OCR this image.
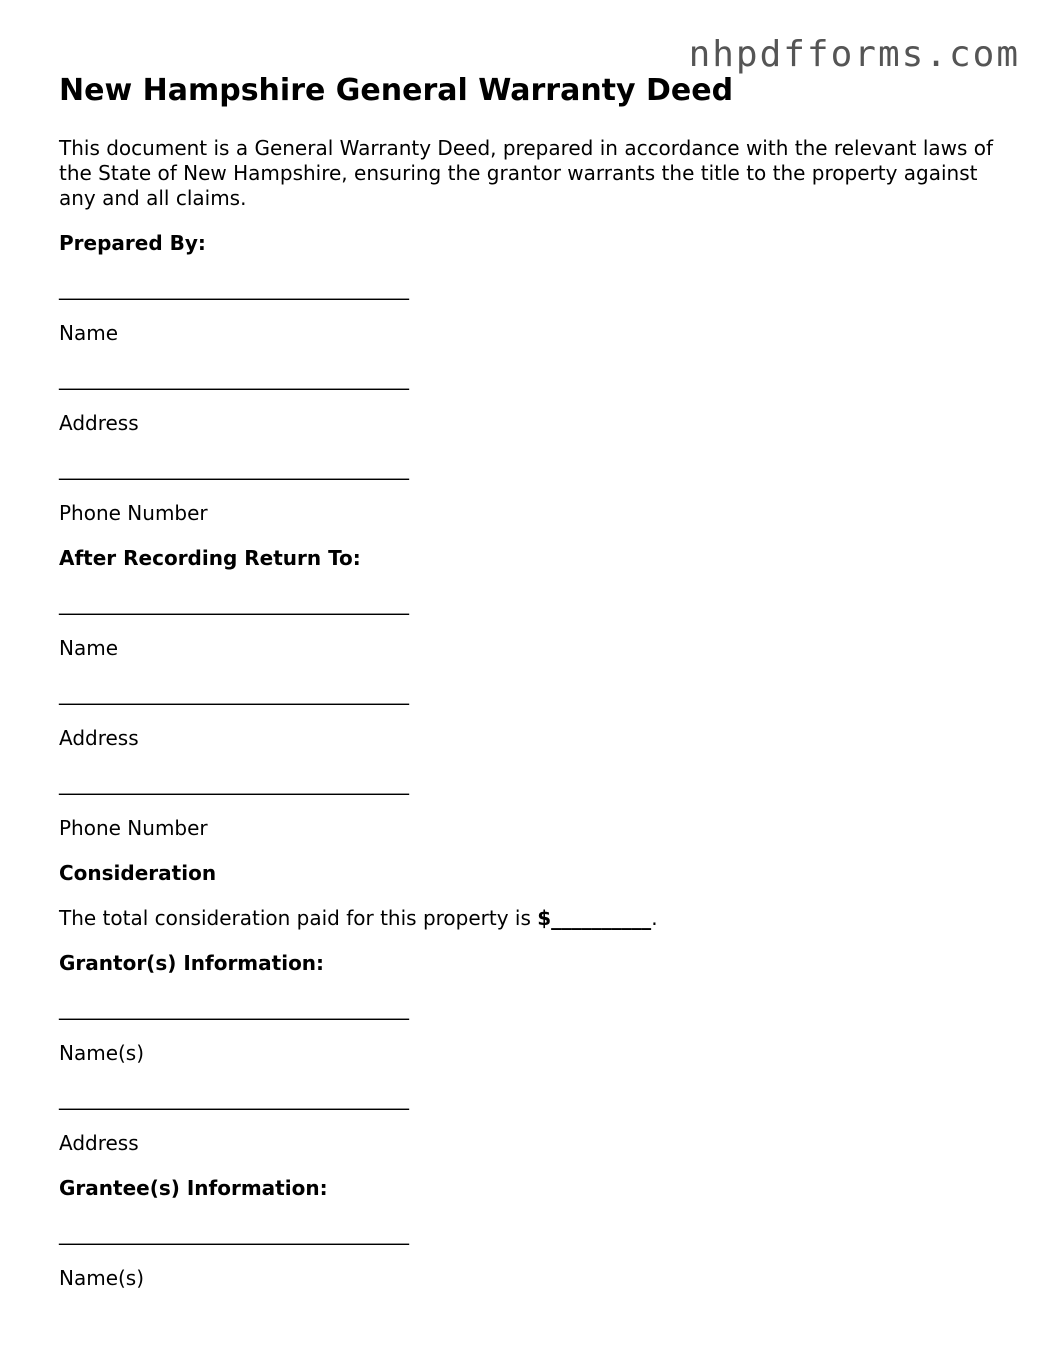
nhpdfforms.com
New Hampshire General Warranty Deed

This document is a General Warranty Deed, prepared in accordance with the relevant laws of the State of New Hampshire, ensuring the grantor warrants the title to the property against any and all claims.

Prepared By:
___________________________________
Name
___________________________________
Address
___________________________________
Phone Number
After Recording Return To:
___________________________________
Name
___________________________________
Address
___________________________________
Phone Number
Consideration
The total consideration paid for this property is $__________.
Grantor(s) Information:
___________________________________
Name(s)
___________________________________
Address
Grantee(s) Information:
___________________________________
Name(s)
